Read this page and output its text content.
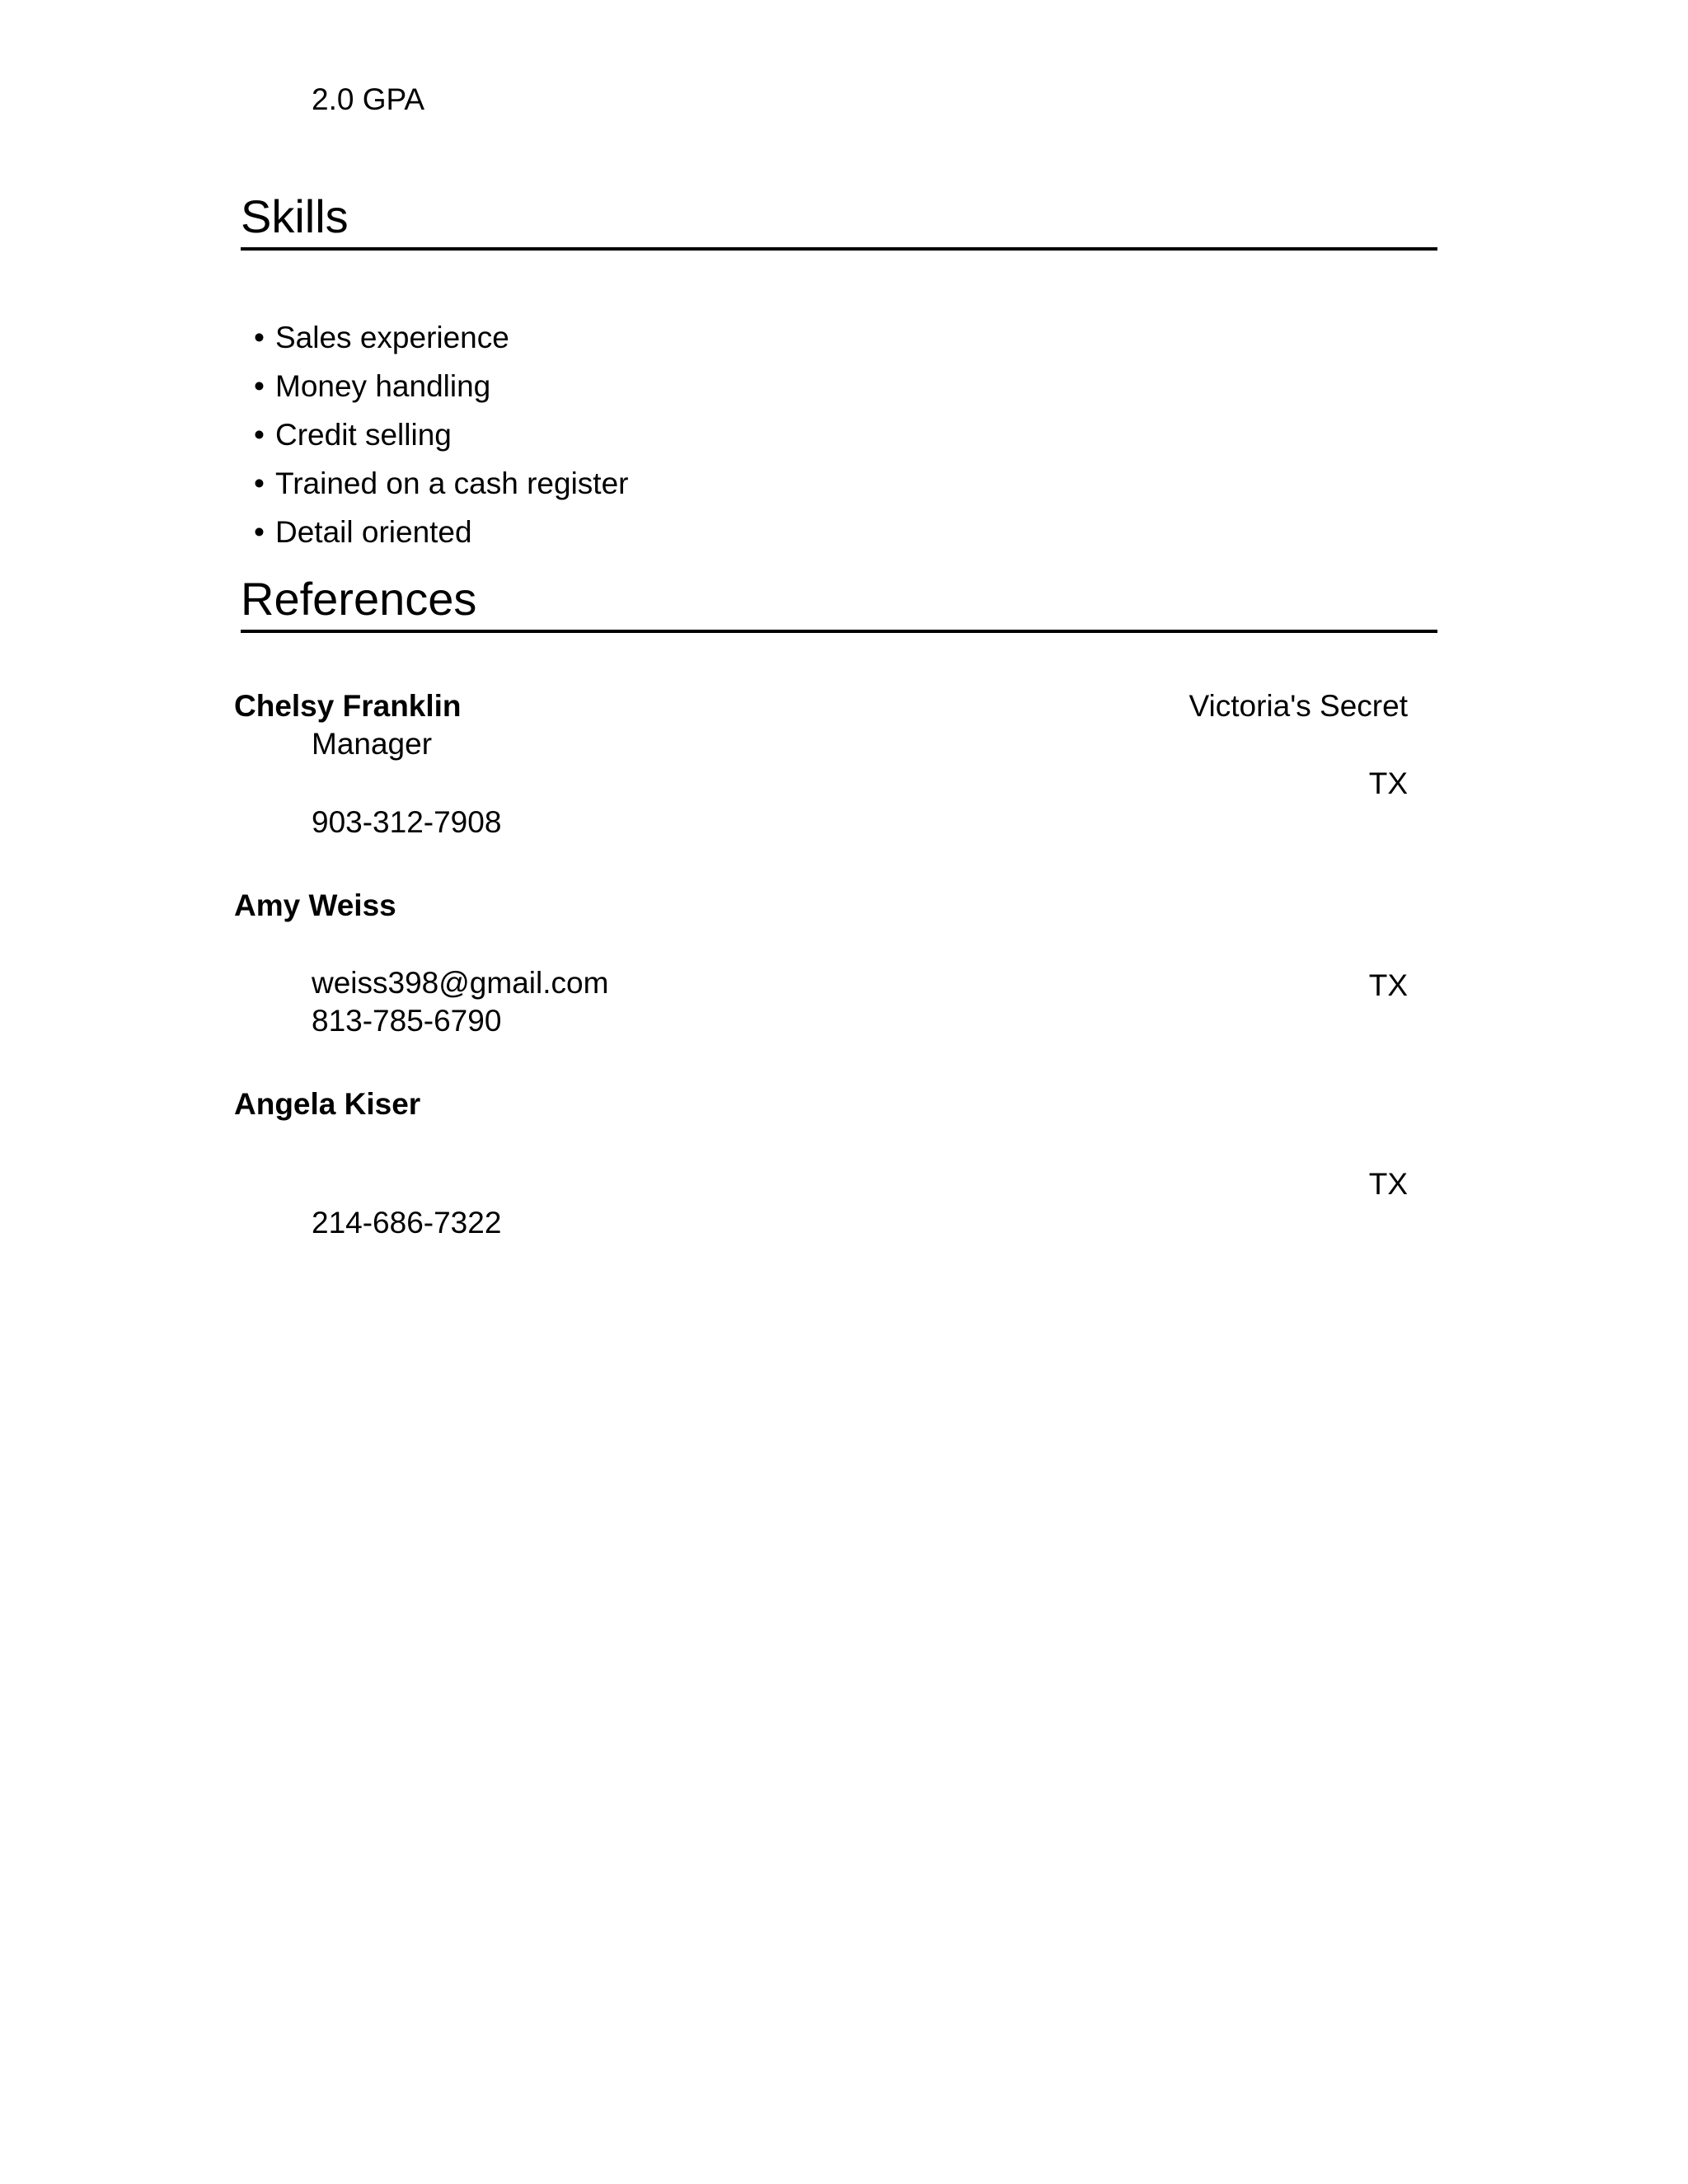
2.0 GPA
Skills
• Sales experience
• Money handling
• Credit selling
• Trained on a cash register
• Detail oriented
References
Chelsy Franklin	Victoria's Secret
Manager
TX
903-312-7908
Amy Weiss
weiss398@gmail.com	TX
813-785-6790
Angela Kiser
TX
214-686-7322
